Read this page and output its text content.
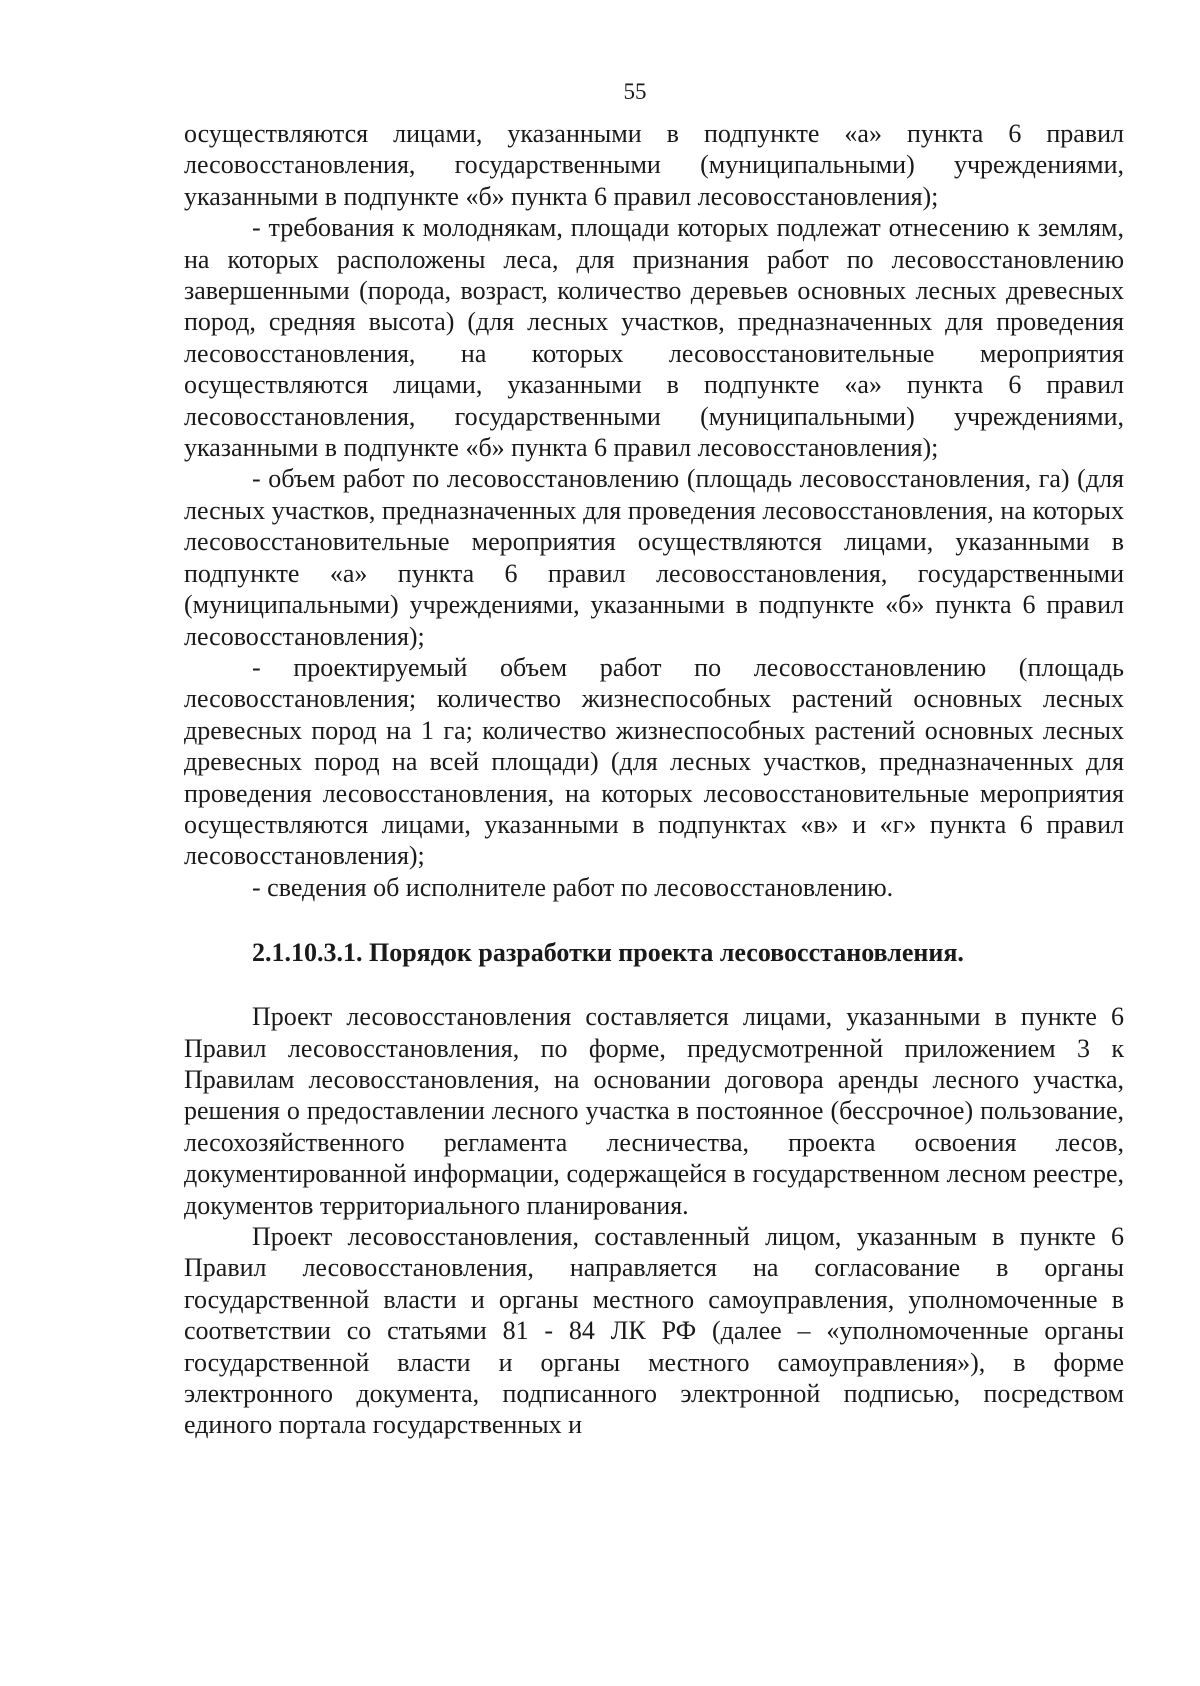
55

осуществляются лицами, указанными в подпункте «а» пункта 6 правил лесовосстановления, государственными (муниципальными) учреждениями, указанными в подпункте «б» пункта 6 правил лесовосстановления);

- требования к молоднякам, площади которых подлежат отнесению к землям, на которых расположены леса, для признания работ по лесовосстановлению завершенными (порода, возраст, количество деревьев основных лесных древесных пород, средняя высота) (для лесных участков, предназначенных для проведения лесовосстановления, на которых лесовосстановительные мероприятия осуществляются лицами, указанными в подпункте «а» пункта 6 правил лесовосстановления, государственными (муниципальными) учреждениями, указанными в подпункте «б» пункта 6 правил лесовосстановления);

- объем работ по лесовосстановлению (площадь лесовосстановления, га) (для лесных участков, предназначенных для проведения лесовосстановления, на которых лесовосстановительные мероприятия осуществляются лицами, указанными в подпункте «а» пункта 6 правил лесовосстановления, государственными (муниципальными) учреждениями, указанными в подпункте «б» пункта 6 правил лесовосстановления);

- проектируемый объем работ по лесовосстановлению (площадь лесовосстановления; количество жизнеспособных растений основных лесных древесных пород на 1 га; количество жизнеспособных растений основных лесных древесных пород на всей площади) (для лесных участков, предназначенных для проведения лесовосстановления, на которых лесовосстановительные мероприятия осуществляются лицами, указанными в подпунктах «в» и «г» пункта 6 правил лесовосстановления);

- сведения об исполнителе работ по лесовосстановлению.

2.1.10.3.1. Порядок разработки проекта лесовосстановления.

Проект лесовосстановления составляется лицами, указанными в пункте 6 Правил лесовосстановления, по форме, предусмотренной приложением 3 к Правилам лесовосстановления, на основании договора аренды лесного участка, решения о предоставлении лесного участка в постоянное (бессрочное) пользование, лесохозяйственного регламента лесничества, проекта освоения лесов, документированной информации, содержащейся в государственном лесном реестре, документов территориального планирования.

Проект лесовосстановления, составленный лицом, указанным в пункте 6 Правил лесовосстановления, направляется на согласование в органы государственной власти и органы местного самоуправления, уполномоченные в соответствии со статьями 81 - 84 ЛК РФ (далее – «уполномоченные органы государственной власти и органы местного самоуправления»), в форме электронного документа, подписанного электронной подписью, посредством единого портала государственных и
